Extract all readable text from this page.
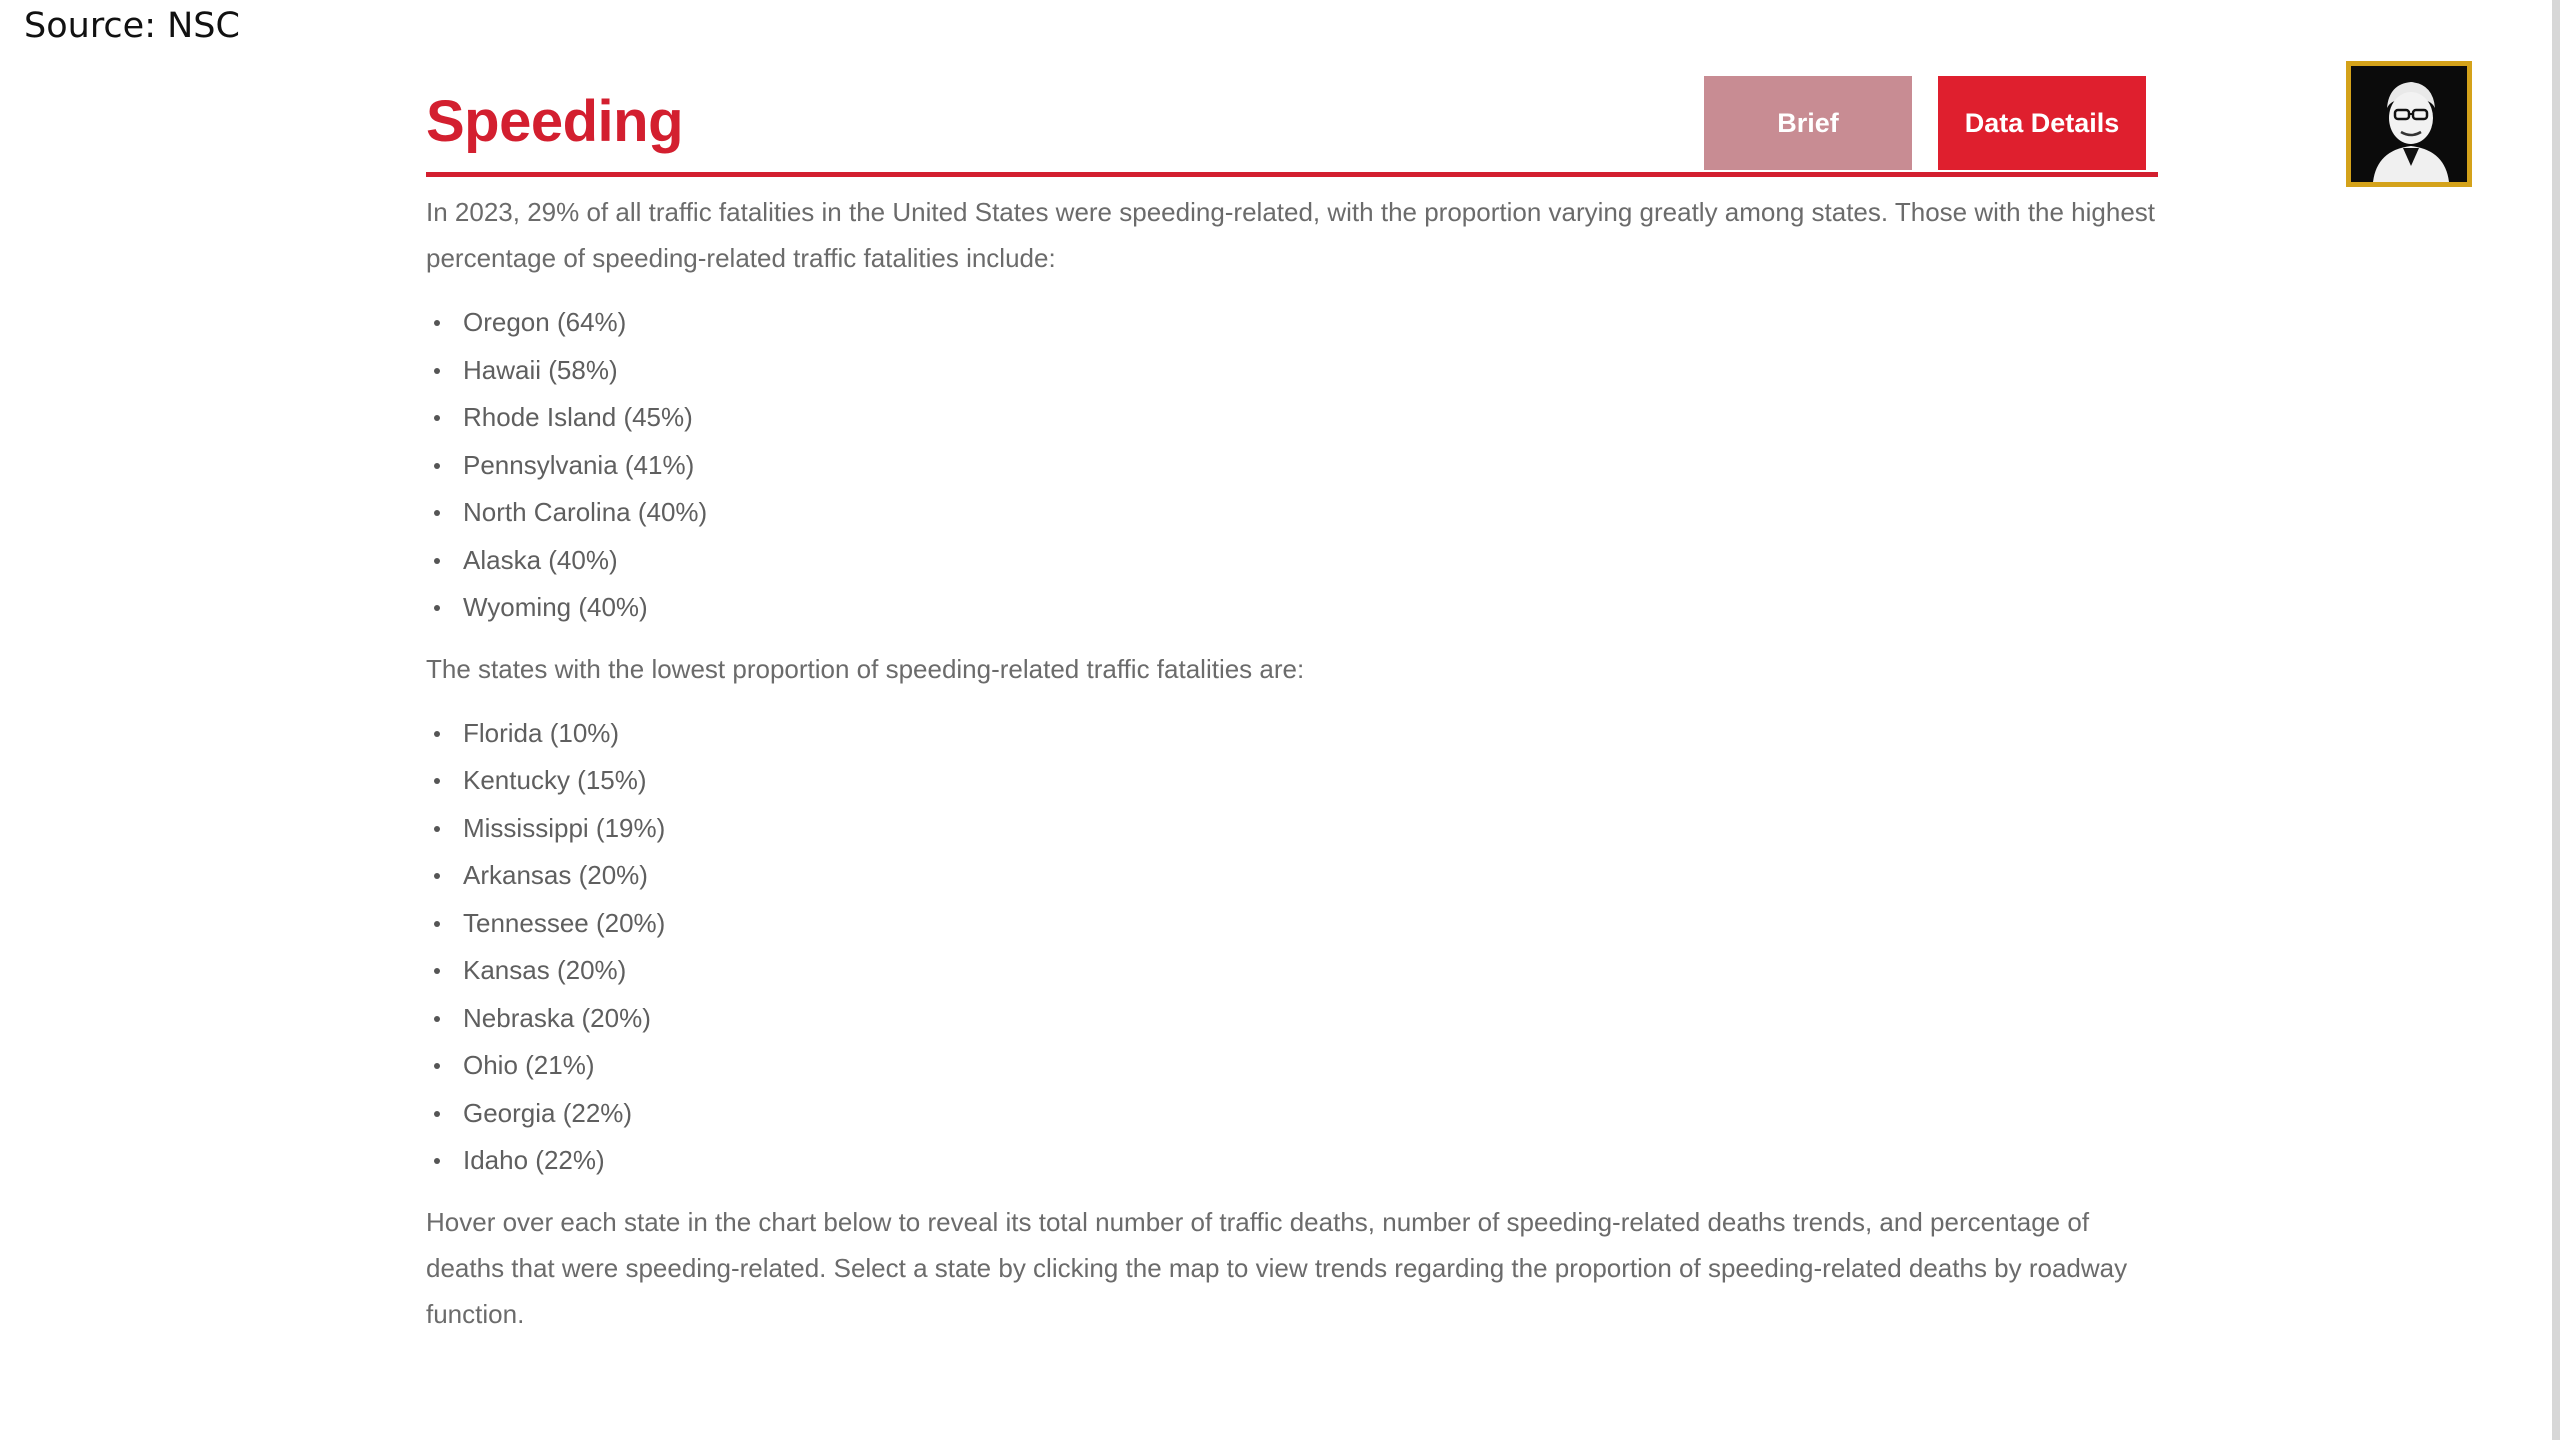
Source: NSC
Speeding	Brief	Data Details

In 2023, 29% of all traffic fatalities in the United States were speeding-related, with the proportion varying greatly among states. Those with the highest percentage of speeding-related traffic fatalities include:

Oregon (64%)
Hawaii (58%)
Rhode Island (45%)
Pennsylvania (41%)
North Carolina (40%)
Alaska (40%)
Wyoming (40%)

The states with the lowest proportion of speeding-related traffic fatalities are:

Florida (10%)
Kentucky (15%)
Mississippi (19%)
Arkansas (20%)
Tennessee (20%)
Kansas (20%)
Nebraska (20%)
Ohio (21%)
Georgia (22%)
Idaho (22%)

Hover over each state in the chart below to reveal its total number of traffic deaths, number of speeding-related deaths trends, and percentage of deaths that were speeding-related. Select a state by clicking the map to view trends regarding the proportion of speeding-related deaths by roadway function.
